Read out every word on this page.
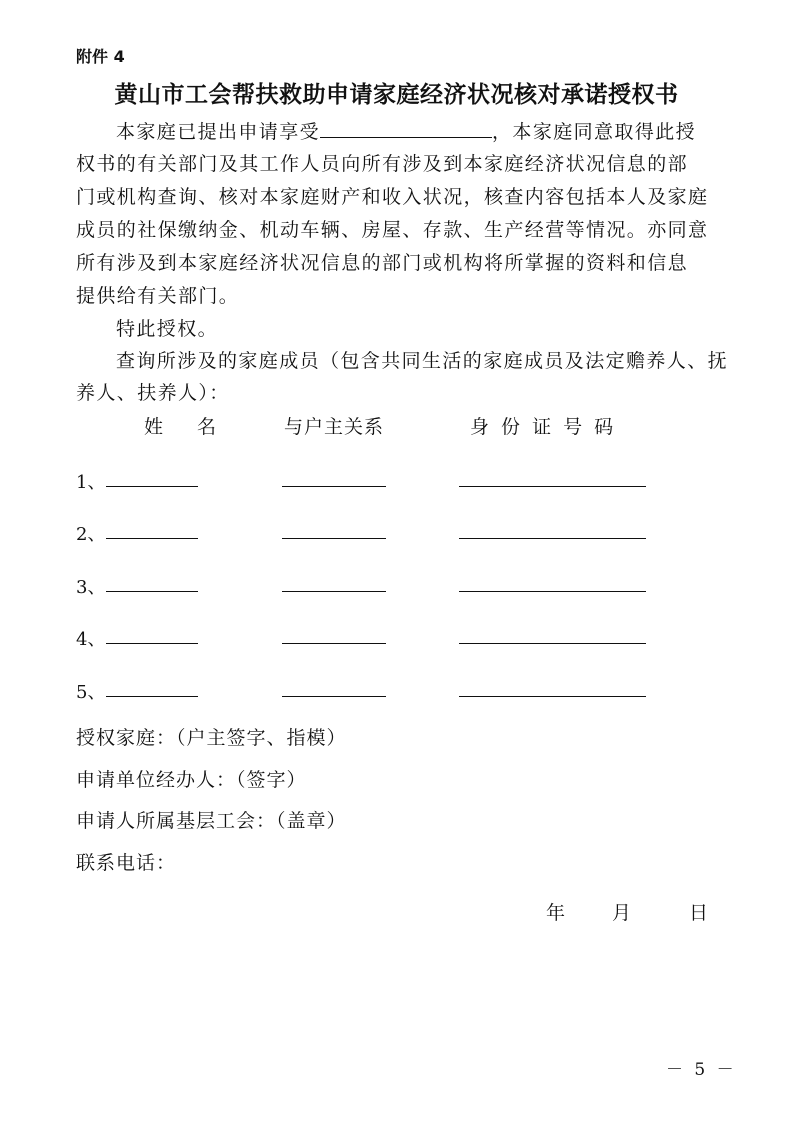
附件 4
黄山市工会帮扶救助申请家庭经济状况核对承诺授权书
本家庭已提出申请享受	，本家庭同意取得此授
权书的有关部门及其工作人员向所有涉及到本家庭经济状况信息的部
门或机构查询、核对本家庭财产和收入状况，核查内容包括本人及家庭
成员的社保缴纳金、机动车辆、房屋、存款、生产经营等情况。亦同意
所有涉及到本家庭经济状况信息的部门或机构将所掌握的资料和信息
提供给有关部门。
特此授权。
查询所涉及的家庭成员（包含共同生活的家庭成员及法定赡养人、抚
养人、扶养人）：
姓 名	与户主关系	身 份 证 号 码
1、
2、
3、
4、
5、
授权家庭：（户主签字、指模）
申请单位经办人：（签字）
申请人所属基层工会：（盖章）
联系电话：
年 月	日
－ 5 －
